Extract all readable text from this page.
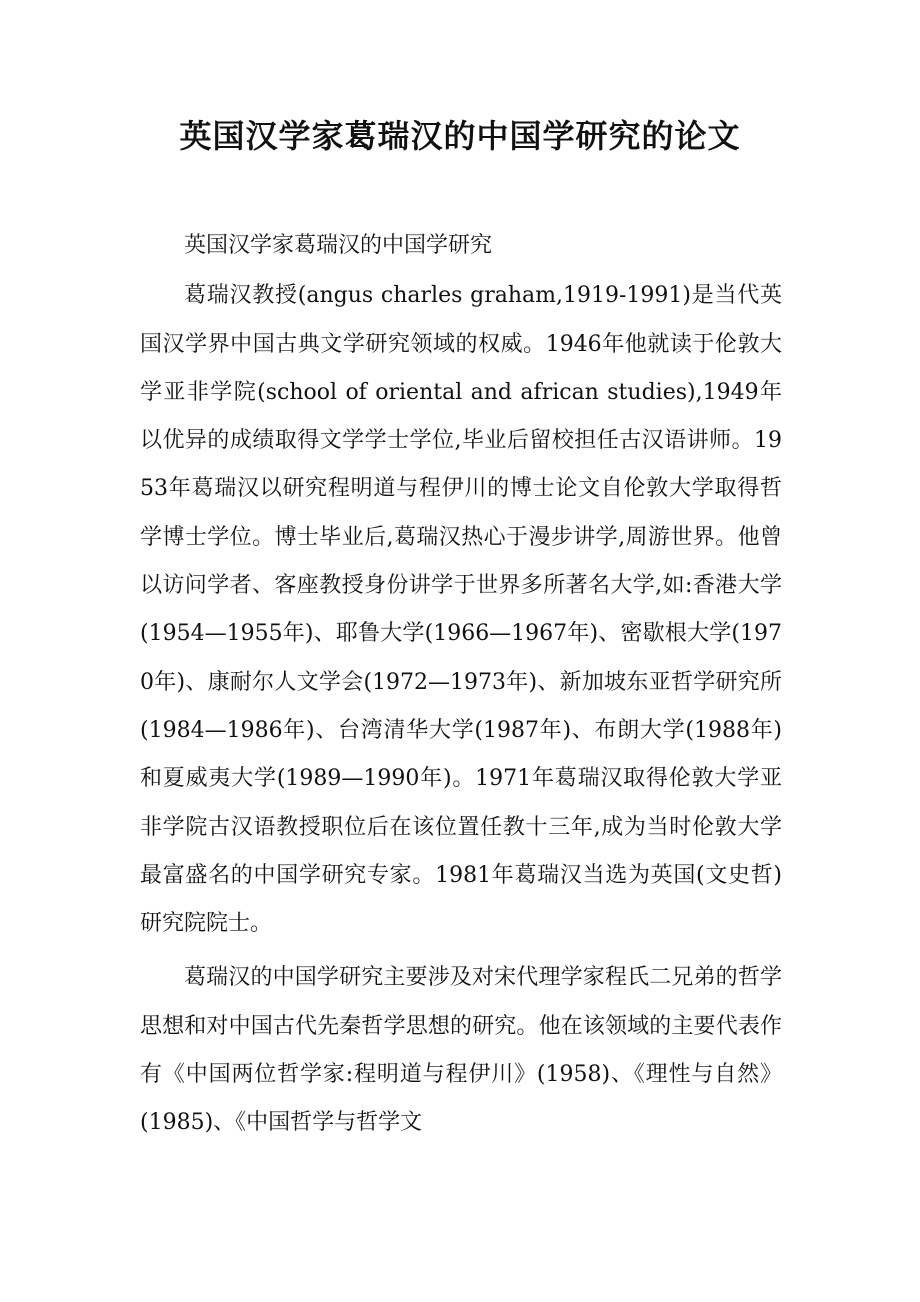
英国汉学家葛瑞汉的中国学研究的论文

英国汉学家葛瑞汉的中国学研究

葛瑞汉教授(angus charles graham,1919-1991)是当代英国汉学界中国古典文学研究领域的权威。1946年他就读于伦敦大学亚非学院(school of oriental and african studies),1949年以优异的成绩取得文学学士学位,毕业后留校担任古汉语讲师。1953年葛瑞汉以研究程明道与程伊川的博士论文自伦敦大学取得哲学博士学位。博士毕业后,葛瑞汉热心于漫步讲学,周游世界。他曾以访问学者、客座教授身份讲学于世界多所著名大学,如:香港大学(1954—1955年)、耶鲁大学(1966—1967年)、密歇根大学(1970年)、康耐尔人文学会(1972—1973年)、新加坡东亚哲学研究所(1984—1986年)、台湾清华大学(1987年)、布朗大学(1988年)和夏威夷大学(1989—1990年)。1971年葛瑞汉取得伦敦大学亚非学院古汉语教授职位后在该位置任教十三年,成为当时伦敦大学最富盛名的中国学研究专家。1981年葛瑞汉当选为英国(文史哲)研究院院士。

葛瑞汉的中国学研究主要涉及对宋代理学家程氏二兄弟的哲学思想和对中国古代先秦哲学思想的研究。他在该领域的主要代表作有《中国两位哲学家:程明道与程伊川》(1958)、《理性与自然》(1985)、《中国哲学与哲学文
